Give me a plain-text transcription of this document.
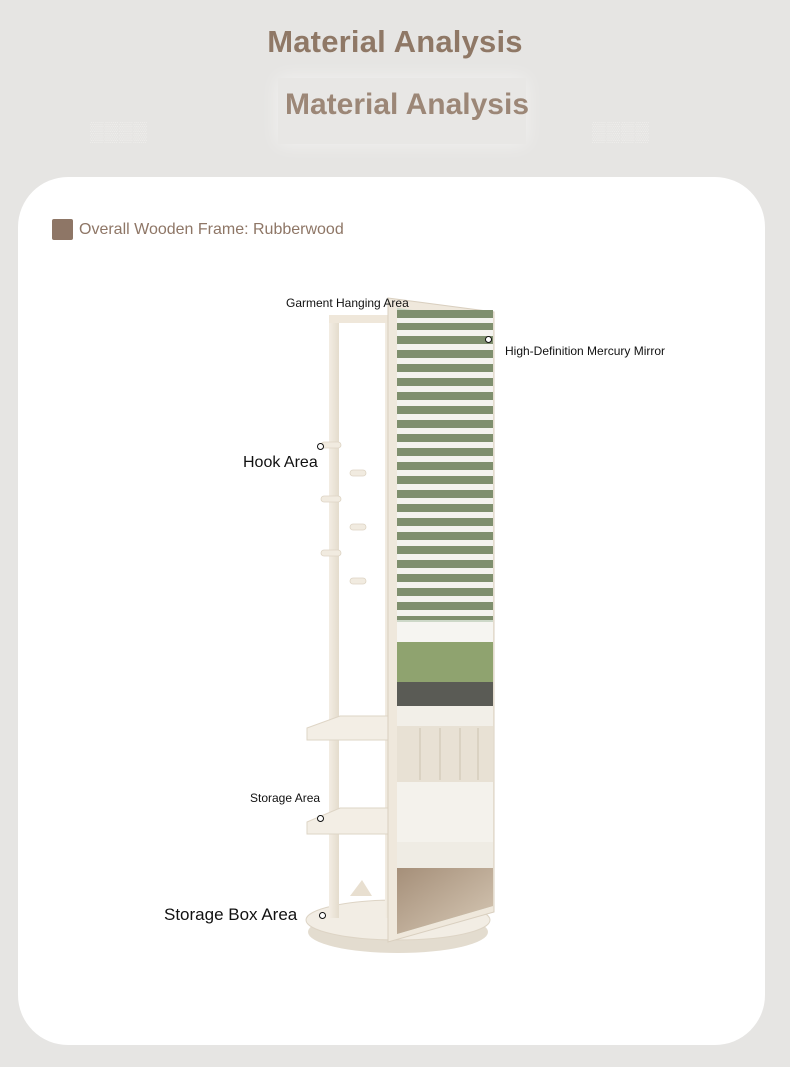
Material Analysis
Material Analysis
▒▒▒▒	▒▒▒▒
Overall Wooden Frame: Rubberwood
Garment Hanging Area
High-Definition Mercury Mirror
Hook Area
Storage Area
Storage Box Area
